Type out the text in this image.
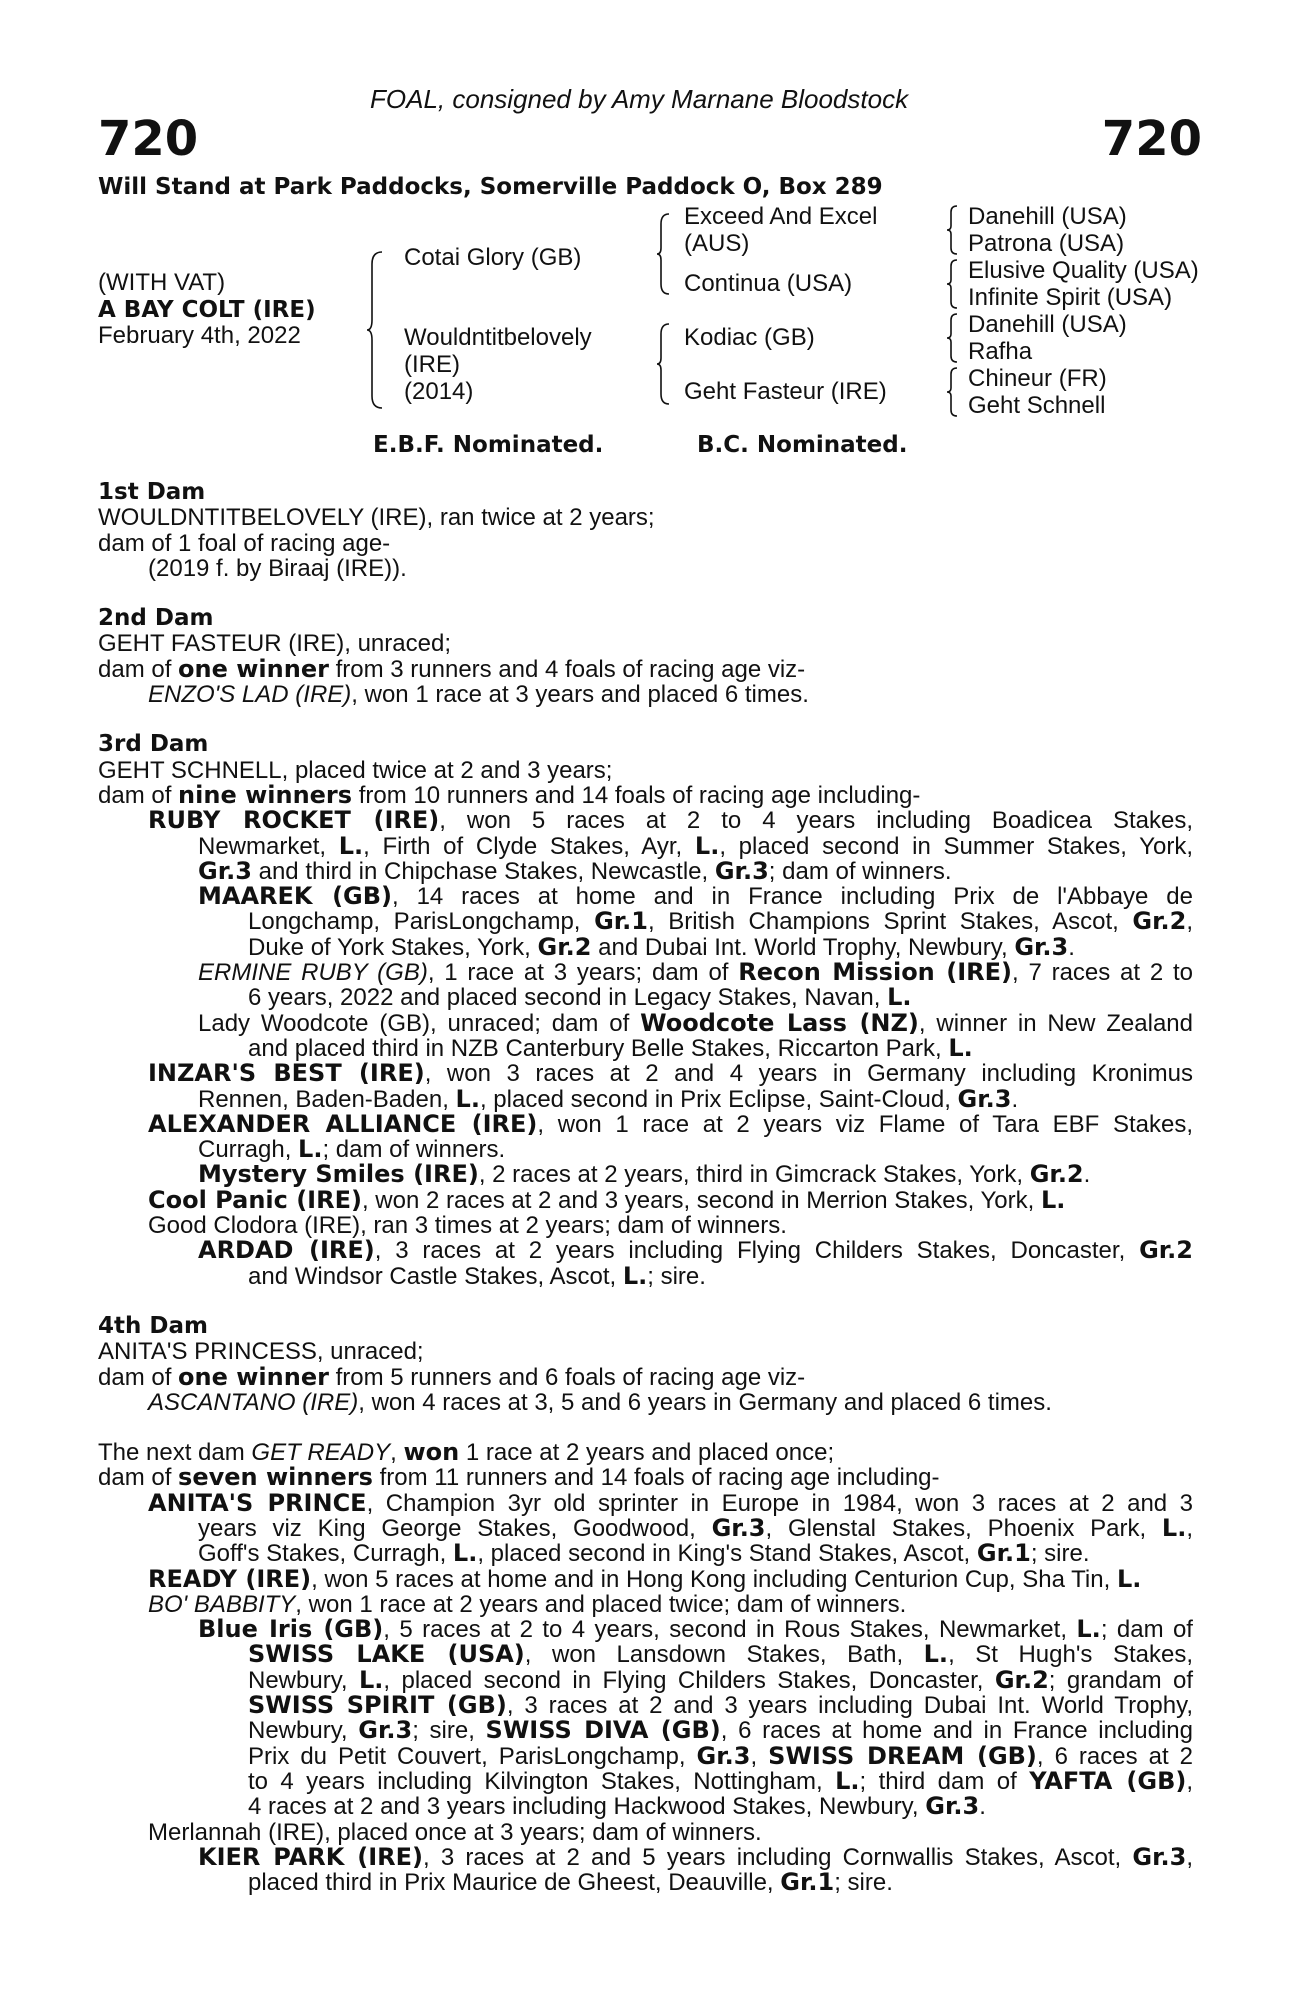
FOAL, consigned by Amy Marnane Bloodstock
720	720
Will Stand at Park Paddocks, Somerville Paddock O, Box 289
(WITH VAT)
A BAY COLT (IRE)
February 4th, 2022
Cotai Glory (GB)
Wouldntitbelovely
(IRE)
(2014)
Exceed And Excel
(AUS)
Continua (USA)
Kodiac (GB)
Geht Fasteur (IRE)
Danehill (USA)
Patrona (USA)
Elusive Quality (USA)
Infinite Spirit (USA)
Danehill (USA)
Rafha
Chineur (FR)
Geht Schnell
E.B.F. Nominated.	B.C. Nominated.
1st Dam
WOULDNTITBELOVELY (IRE), ran twice at 2 years;
dam of 1 foal of racing age-
(2019 f. by Biraaj (IRE)).
2nd Dam
GEHT FASTEUR (IRE), unraced;
dam of one winner from 3 runners and 4 foals of racing age viz-
ENZO'S LAD (IRE), won 1 race at 3 years and placed 6 times.
3rd Dam
GEHT SCHNELL, placed twice at 2 and 3 years;
dam of nine winners from 10 runners and 14 foals of racing age including-
RUBY ROCKET (IRE), won 5 races at 2 to 4 years including Boadicea Stakes,
Newmarket, L., Firth of Clyde Stakes, Ayr, L., placed second in Summer Stakes, York,
Gr.3 and third in Chipchase Stakes, Newcastle, Gr.3; dam of winners.
MAAREK (GB), 14 races at home and in France including Prix de l'Abbaye de
Longchamp, ParisLongchamp, Gr.1, British Champions Sprint Stakes, Ascot, Gr.2,
Duke of York Stakes, York, Gr.2 and Dubai Int. World Trophy, Newbury, Gr.3.
ERMINE RUBY (GB), 1 race at 3 years; dam of Recon Mission (IRE), 7 races at 2 to
6 years, 2022 and placed second in Legacy Stakes, Navan, L.
Lady Woodcote (GB), unraced; dam of Woodcote Lass (NZ), winner in New Zealand
and placed third in NZB Canterbury Belle Stakes, Riccarton Park, L.
INZAR'S BEST (IRE), won 3 races at 2 and 4 years in Germany including Kronimus
Rennen, Baden-Baden, L., placed second in Prix Eclipse, Saint-Cloud, Gr.3.
ALEXANDER ALLIANCE (IRE), won 1 race at 2 years viz Flame of Tara EBF Stakes,
Curragh, L.; dam of winners.
Mystery Smiles (IRE), 2 races at 2 years, third in Gimcrack Stakes, York, Gr.2.
Cool Panic (IRE), won 2 races at 2 and 3 years, second in Merrion Stakes, York, L.
Good Clodora (IRE), ran 3 times at 2 years; dam of winners.
ARDAD (IRE), 3 races at 2 years including Flying Childers Stakes, Doncaster, Gr.2
and Windsor Castle Stakes, Ascot, L.; sire.
4th Dam
ANITA'S PRINCESS, unraced;
dam of one winner from 5 runners and 6 foals of racing age viz-
ASCANTANO (IRE), won 4 races at 3, 5 and 6 years in Germany and placed 6 times.
The next dam GET READY, won 1 race at 2 years and placed once;
dam of seven winners from 11 runners and 14 foals of racing age including-
ANITA'S PRINCE, Champion 3yr old sprinter in Europe in 1984, won 3 races at 2 and 3
years viz King George Stakes, Goodwood, Gr.3, Glenstal Stakes, Phoenix Park, L.,
Goff's Stakes, Curragh, L., placed second in King's Stand Stakes, Ascot, Gr.1; sire.
READY (IRE), won 5 races at home and in Hong Kong including Centurion Cup, Sha Tin, L.
BO' BABBITY, won 1 race at 2 years and placed twice; dam of winners.
Blue Iris (GB), 5 races at 2 to 4 years, second in Rous Stakes, Newmarket, L.; dam of
SWISS LAKE (USA), won Lansdown Stakes, Bath, L., St Hugh's Stakes,
Newbury, L., placed second in Flying Childers Stakes, Doncaster, Gr.2; grandam of
SWISS SPIRIT (GB), 3 races at 2 and 3 years including Dubai Int. World Trophy,
Newbury, Gr.3; sire, SWISS DIVA (GB), 6 races at home and in France including
Prix du Petit Couvert, ParisLongchamp, Gr.3, SWISS DREAM (GB), 6 races at 2
to 4 years including Kilvington Stakes, Nottingham, L.; third dam of YAFTA (GB),
4 races at 2 and 3 years including Hackwood Stakes, Newbury, Gr.3.
Merlannah (IRE), placed once at 3 years; dam of winners.
KIER PARK (IRE), 3 races at 2 and 5 years including Cornwallis Stakes, Ascot, Gr.3,
placed third in Prix Maurice de Gheest, Deauville, Gr.1; sire.
